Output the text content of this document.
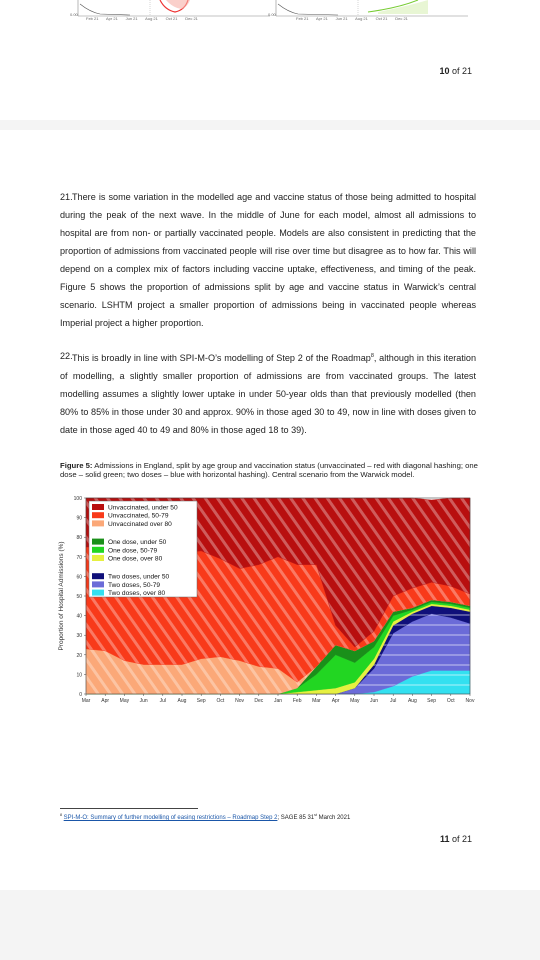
0.00
Feb 21 Apr 21 Jun 21 Aug 21 Oct 21 Dec 21
0.00
Feb 21 Apr 21 Jun 21 Aug 21 Oct 21 Dec 21
10 of 21
21. There is some variation in the modelled age and vaccine status of those being admitted to hospital during the peak of the next wave. In the middle of June for each model, almost all admissions to hospital are from non- or partially vaccinated people. Models are also consistent in predicting that the proportion of admissions from vaccinated people will rise over time but disagree as to how far. This will depend on a complex mix of factors including vaccine uptake, effectiveness, and timing of the peak. Figure 5 shows the proportion of admissions split by age and vaccine status in Warwick’s central scenario. LSHTM project a smaller proportion of admissions being in vaccinated people whereas Imperial project a higher proportion.
22. This is broadly in line with SPI-M-O’s modelling of Step 2 of the Roadmap$^8$, although in this iteration of modelling, a slightly smaller proportion of admissions are from vaccinated groups. The latest modelling assumes a slightly lower uptake in under 50-year olds than that previously modelled (then 80% to 85% in those under 30 and approx. 90% in those aged 30 to 49, now in line with doses given to date in those aged 40 to 49 and 80% in those aged 18 to 39).
Figure 5: Admissions in England, split by age group and vaccination status (unvaccinated – red with diagonal hashing; one dose – solid green; two doses – blue with horizontal hashing). Central scenario from the Warwick model.
0
10
20
30
40
50
60
70
80
90
100
Mar Apr May Jun Jul Aug Sep Oct Nov Dec Jan Feb Mar Apr May Jun Jul Aug Sep Oct Nov
Proportion of Hospital Admissions (%)
Unvaccinated, under 50
Unvaccinated, 50-79
Unvaccinated over 80
One dose, under 50
One dose, 50-79
One dose, over 80
Two doses, under 50
Two doses, 50-79
Two doses, over 80
$^8$ SPI-M-O: Summary of further modelling of easing restrictions – Roadmap Step 2; SAGE 85 31st March 2021
11 of 21
